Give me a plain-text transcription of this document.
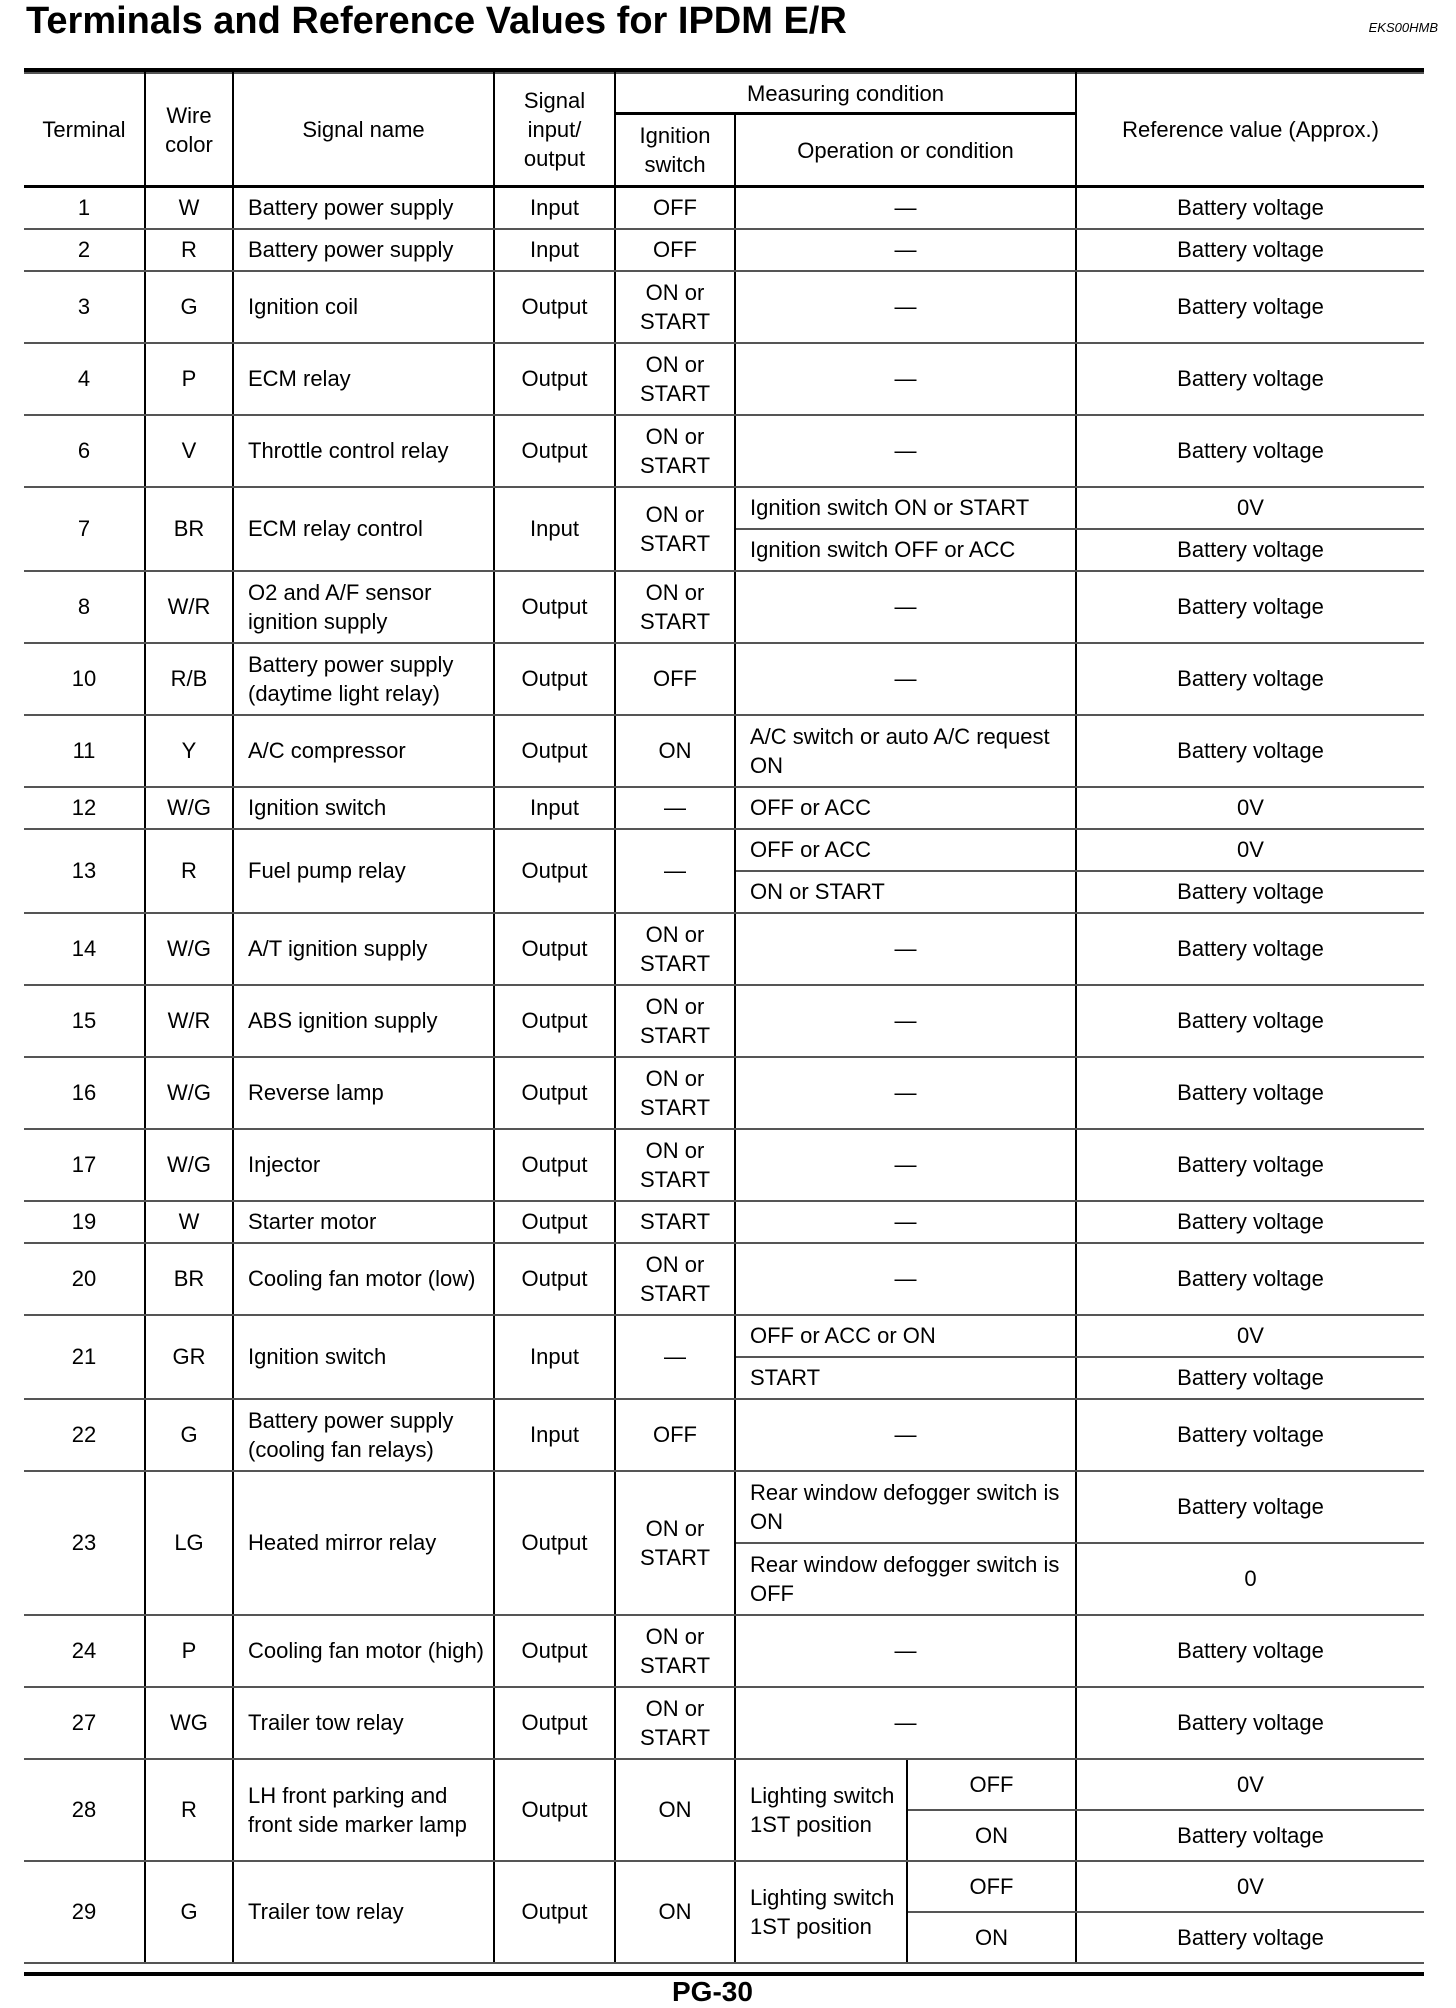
Terminals and Reference Values for IPDM E/R	EKS00HMB
Terminal	Wire color	Signal name	Signal input/ output	Measuring condition			Reference value (Approx.)
				Ignition switch	Operation or condition		
1	W	Battery power supply	Input	OFF	—		Battery voltage
2	R	Battery power supply	Input	OFF	—		Battery voltage
3	G	Ignition coil	Output	ON or START	—		Battery voltage
4	P	ECM relay	Output	ON or START	—		Battery voltage
6	V	Throttle control relay	Output	ON or START	—		Battery voltage
7	BR	ECM relay control	Input	ON or START	Ignition switch ON or START		0V
					Ignition switch OFF or ACC		Battery voltage
8	W/R	O2 and A/F sensor ignition supply	Output	ON or START	—		Battery voltage
10	R/B	Battery power supply (daytime light relay)	Output	OFF	—		Battery voltage
11	Y	A/C compressor	Output	ON	A/C switch or auto A/C request ON		Battery voltage
12	W/G	Ignition switch	Input	—	OFF or ACC		0V
13	R	Fuel pump relay	Output	—	OFF or ACC		0V
					ON or START		Battery voltage
14	W/G	A/T ignition supply	Output	ON or START	—		Battery voltage
15	W/R	ABS ignition supply	Output	ON or START	—		Battery voltage
16	W/G	Reverse lamp	Output	ON or START	—		Battery voltage
17	W/G	Injector	Output	ON or START	—		Battery voltage
19	W	Starter motor	Output	START	—		Battery voltage
20	BR	Cooling fan motor (low)	Output	ON or START	—		Battery voltage
21	GR	Ignition switch	Input	—	OFF or ACC or ON		0V
					START		Battery voltage
22	G	Battery power supply (cooling fan relays)	Input	OFF	—		Battery voltage
23	LG	Heated mirror relay	Output	ON or START	Rear window defogger switch is ON		Battery voltage
					Rear window defogger switch is OFF		0
24	P	Cooling fan motor (high)	Output	ON or START	—		Battery voltage
27	WG	Trailer tow relay	Output	ON or START	—		Battery voltage
28	R	LH front parking and front side marker lamp	Output	ON	Lighting switch 1ST position	OFF	0V
						ON	Battery voltage
29	G	Trailer tow relay	Output	ON	Lighting switch 1ST position	OFF	0V
						ON	Battery voltage
PG-30
